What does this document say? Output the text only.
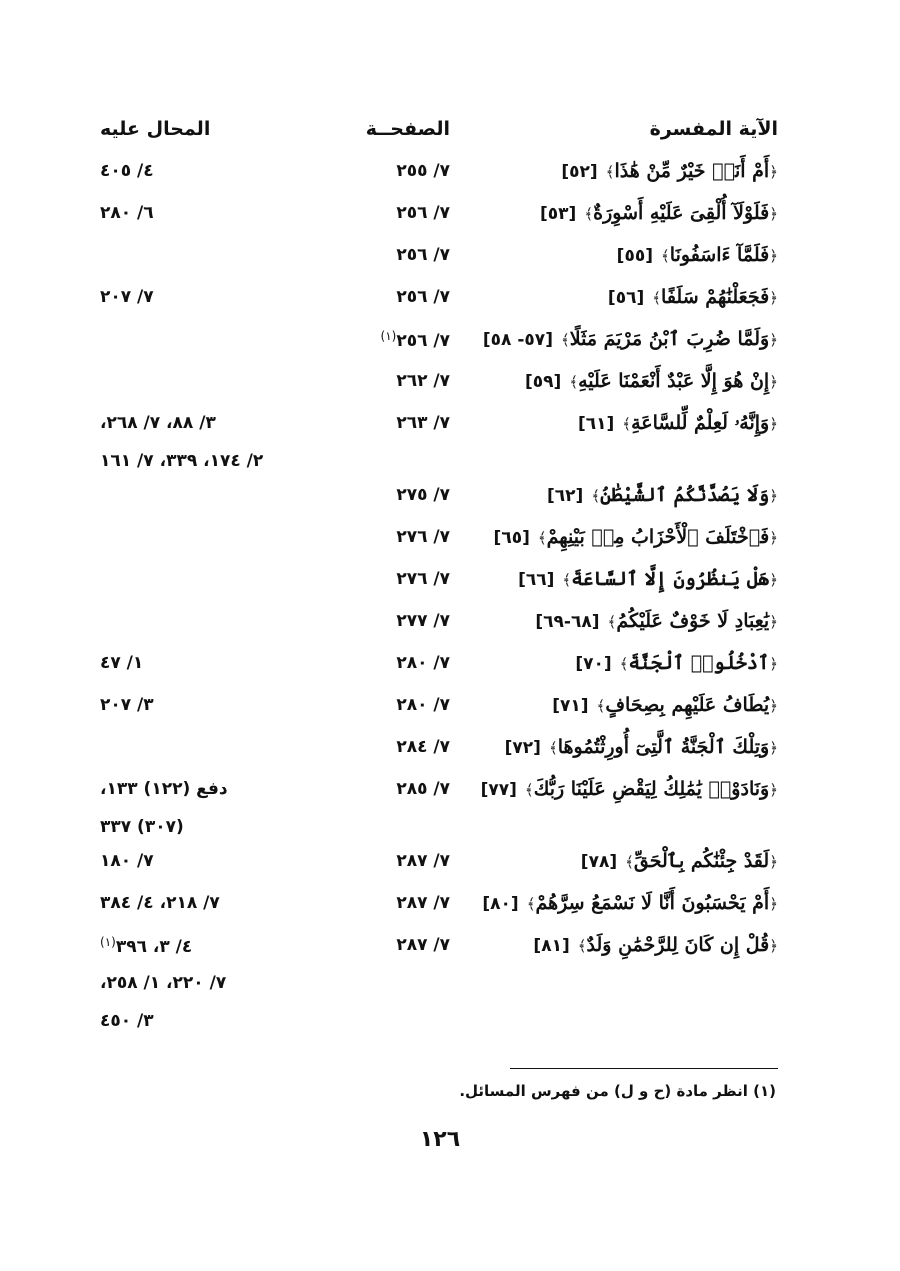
الآية المفسرة
الصفحــة
المحال عليه
﴿أَمْ أَنَا۠ خَيْرٌ مِّنْ هَٰذَا﴾[٥٢]
٧/ ٢٥٥
٤/ ٤٠٥
﴿فَلَوْلَآ أُلْقِىَ عَلَيْهِ أَسْوِرَةٌ﴾[٥٣]
٧/ ٢٥٦
٦/ ٢٨٠
﴿فَلَمَّآ ءَاسَفُونَا﴾[٥٥]
٧/ ٢٥٦
﴿فَجَعَلْنَٰهُمْ سَلَفًا﴾[٥٦]
٧/ ٢٥٦
٧/ ٢٠٧
﴿وَلَمَّا ضُرِبَ ٱبْنُ مَرْيَمَ مَثَلًا﴾[٥٧- ٥٨]
٧/ ٢٥٦$^{(١)}$
﴿إِنْ هُوَ إِلَّا عَبْدٌ أَنْعَمْنَا عَلَيْهِ﴾[٥٩]
٧/ ٢٦٢
﴿وَإِنَّهُۥ لَعِلْمٌ لِّلسَّاعَةِ﴾[٦١]
٧/ ٢٦٣
٣/ ٨٨، ٧/ ٢٦٨،
٢/ ١٧٤، ٣٣٩، ٧/ ١٦١
﴿وَلَا يَصُدَّنَّكُمُ ٱلشَّيْطَٰنُ﴾[٦٢]
٧/ ٢٧٥
﴿فَٱخْتَلَفَ ٱلْأَحْزَابُ مِنۢ بَيْنِهِمْ﴾[٦٥]
٧/ ٢٧٦
﴿هَلْ يَنظُرُونَ إِلَّا ٱلسَّاعَةَ﴾[٦٦]
٧/ ٢٧٦
﴿يَٰعِبَادِ لَا خَوْفٌ عَلَيْكُمُ﴾[٦٨-٦٩]
٧/ ٢٧٧
﴿ٱدْخُلُوا۟ ٱلْجَنَّةَ﴾[٧٠]
٧/ ٢٨٠
١/ ٤٧
﴿يُطَافُ عَلَيْهِم بِصِحَافٍ﴾[٧١]
٧/ ٢٨٠
٣/ ٢٠٧
﴿وَتِلْكَ ٱلْجَنَّةُ ٱلَّتِىٓ أُورِثْتُمُوهَا﴾[٧٢]
٧/ ٢٨٤
﴿وَنَادَوْا۟ يَٰمَٰلِكُ لِيَقْضِ عَلَيْنَا رَبُّكَ﴾[٧٧]
٧/ ٢٨٥
دفع (١٢٢) ١٣٣،
(٣٠٧) ٣٣٧
﴿لَقَدْ جِئْنَٰكُم بِٱلْحَقِّ﴾[٧٨]
٧/ ٢٨٧
٧/ ١٨٠
﴿أَمْ يَحْسَبُونَ أَنَّا لَا نَسْمَعُ سِرَّهُمْ﴾[٨٠]
٧/ ٢٨٧
٧/ ٢١٨، ٤/ ٣٨٤
﴿قُلْ إِن كَانَ لِلرَّحْمَٰنِ وَلَدٌ﴾[٨١]
٧/ ٢٨٧
٤/ ٣، ٣٩٦$^{(١)}$
٧/ ٢٢٠، ١/ ٢٥٨،
٣/ ٤٥٠
(١) انظر مادة (ح و ل) من فهرس المسائل.
١٢٦
